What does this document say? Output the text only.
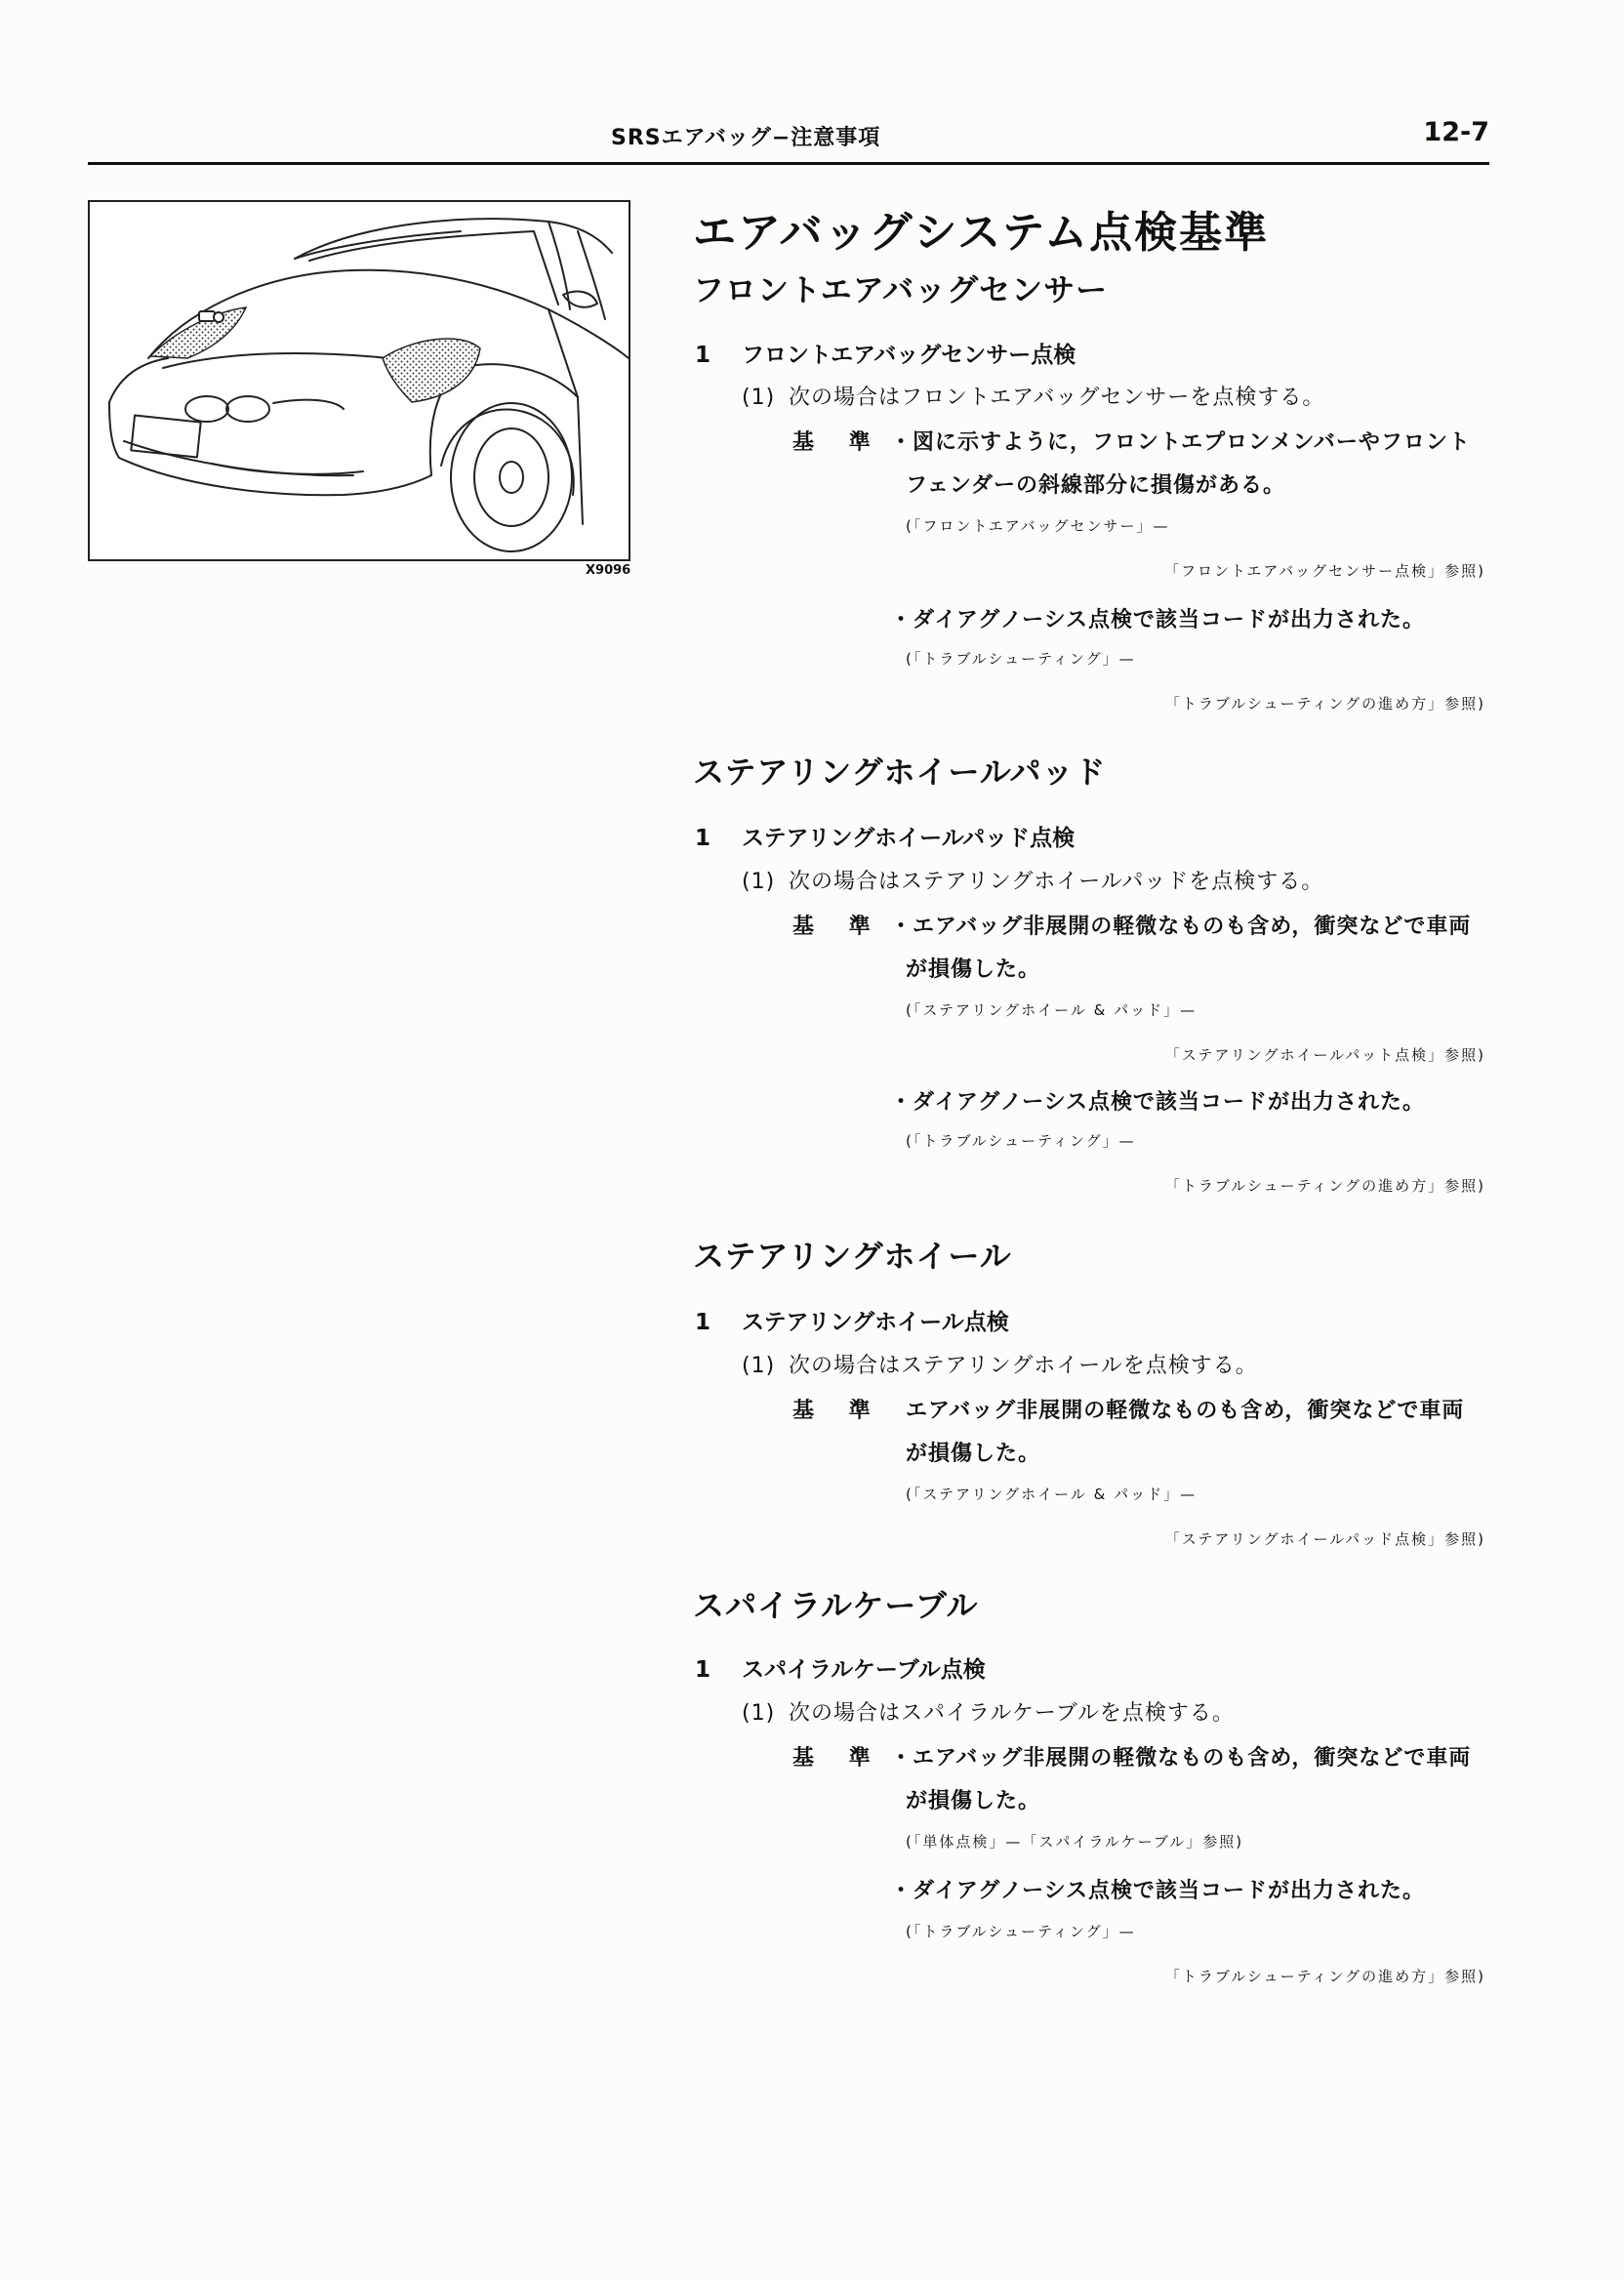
SRSエアバッグ−注意事項	12-7
X9096
エアバッグシステム点検基準
フロントエアバッグセンサー
1 フロントエアバッグセンサー点検
(1) 次の場合はフロントエアバッグセンサーを点検する。
基 準 ・図に示すように，フロントエプロンメンバーやフロント
フェンダーの斜線部分に損傷がある。
(「フロントエアバッグセンサー」—
「フロントエアバッグセンサー点検」参照)
・ダイアグノーシス点検で該当コードが出力された。
(「トラブルシューティング」—
「トラブルシューティングの進め方」参照)
ステアリングホイールパッド
1 ステアリングホイールパッド点検
(1) 次の場合はステアリングホイールパッドを点検する。
基 準 ・エアバッグ非展開の軽微なものも含め，衝突などで車両
が損傷した。
(「ステアリングホイール & パッド」—
「ステアリングホイールパット点検」参照)
・ダイアグノーシス点検で該当コードが出力された。
(「トラブルシューティング」—
「トラブルシューティングの進め方」参照)
ステアリングホイール
1 ステアリングホイール点検
(1) 次の場合はステアリングホイールを点検する。
基 準 エアバッグ非展開の軽微なものも含め，衝突などで車両
が損傷した。
(「ステアリングホイール & パッド」—
「ステアリングホイールパッド点検」参照)
スパイラルケーブル
1 スパイラルケーブル点検
(1) 次の場合はスパイラルケーブルを点検する。
基 準 ・エアバッグ非展開の軽微なものも含め，衝突などで車両
が損傷した。
(「単体点検」—「スパイラルケーブル」参照)
・ダイアグノーシス点検で該当コードが出力された。
(「トラブルシューティング」—
「トラブルシューティングの進め方」参照)
